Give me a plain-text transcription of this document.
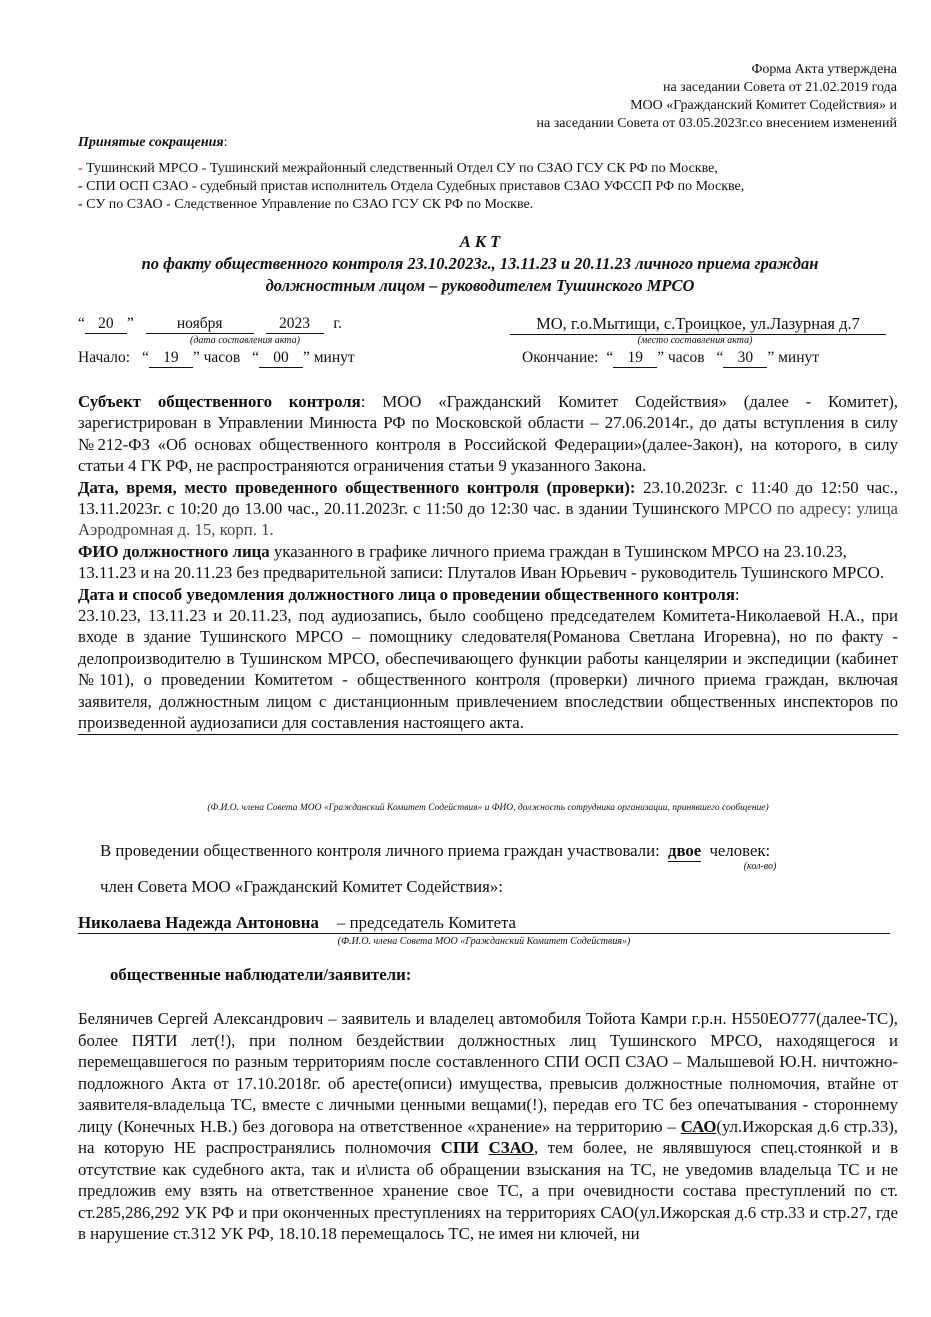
Форма Акта утверждена
на заседании Совета от 21.02.2019 года
МОО «Гражданский Комитет Содействия» и
на заседании Совета от 03.05.2023г.со внесением изменений
Принятые сокращения:
- Тушинский МРСО - Тушинский межрайонный следственный Отдел СУ по СЗАО ГСУ СК РФ по Москве,
- СПИ ОСП СЗАО - судебный пристав исполнитель Отдела Судебных приставов СЗАО УФССП РФ по Москве,
- СУ по СЗАО - Следственное Управление по СЗАО ГСУ СК РФ по Москве.
А К Т
по факту общественного контроля 23.10.2023г., 13.11.23 и 20.11.23 личного приема граждан
должностным лицом – руководителем Тушинского МРСО
“ 20 ”	ноября	2023 г.
(дата составления акта)
МО, г.о.Мытищи, с.Троицкое, ул.Лазурная д.7
(место составления акта)
Начало: “ 19 ” часов “ 00 ” минут	Окончание: “ 19 ” часов “ 30 ” минут
Субъект общественного контроля: МОО «Гражданский Комитет Содействия» (далее - Комитет), зарегистрирован в Управлении Минюста РФ по Московской области – 27.06.2014г., до даты вступления в силу №212-ФЗ «Об основах общественного контроля в Российской Федерации»(далее-Закон), на которого, в силу статьи 4 ГК РФ, не распространяются ограничения статьи 9 указанного Закона.
Дата, время, место проведенного общественного контроля (проверки): 23.10.2023г. с 11:40 до 12:50 час., 13.11.2023г. с 10:20 до 13.00 час., 20.11.2023г. с 11:50 до 12:30 час. в здании Тушинского МРСО по адресу: улица Аэродромная д. 15, корп. 1.
ФИО должностного лица указанного в графике личного приема граждан в Тушинском МРСО на 23.10.23, 13.11.23 и на 20.11.23 без предварительной записи: Плуталов Иван Юрьевич - руководитель Тушинского МРСО.
Дата и способ уведомления должностного лица о проведении общественного контроля:
23.10.23, 13.11.23 и 20.11.23, под аудиозапись, было сообщено председателем Комитета-Николаевой Н.А., при входе в здание Тушинского МРСО – помощнику следователя(Романова Светлана Игоревна), но по факту - делопроизводителю в Тушинском МРСО, обеспечивающего функции работы канцелярии и экспедиции (кабинет №101), о проведении Комитетом - общественного контроля (проверки) личного приема граждан, включая заявителя, должностным лицом с дистанционным привлечением впоследствии общественных инспекторов по произведенной аудиозаписи для составления настоящего акта.
(Ф.И.О. члена Совета МОО «Гражданский Комитет Содействия» и ФИО, должность сотрудника организации, принявшего сообщение)
В проведении общественного контроля личного приема граждан участвовали: двое человек:
(кол-во)
член Совета МОО «Гражданский Комитет Содействия»:
Николаева Надежда Антоновна – председатель Комитета
(Ф.И.О. члена Совета МОО «Гражданский Комитет Содействия»)
общественные наблюдатели/заявители:
Беляничев Сергей Александрович – заявитель и владелец автомобиля Тойота Камри г.р.н. Н550ЕО777(далее-ТС), более ПЯТИ лет(!), при полном бездействии должностных лиц Тушинского МРСО, находящегося и перемещавшегося по разным территориям после составленного СПИ ОСП СЗАО – Малышевой Ю.Н. ничтожно-подложного Акта от 17.10.2018г. об аресте(описи) имущества, превысив должностные полномочия, втайне от заявителя-владельца ТС, вместе с личными ценными вещами(!), передав его ТС без опечатывания - стороннему лицу (Конечных Н.В.) без договора на ответственное «хранение» на территорию – САО(ул.Ижорская д.6 стр.33), на которую НЕ распространялись полномочия СПИ СЗАО, тем более, не являвшуюся спец.стоянкой и в отсутствие как судебного акта, так и и\листа об обращении взыскания на ТС, не уведомив владельца ТС и не предложив ему взять на ответственное хранение свое ТС, а при очевидности состава преступлений по ст. ст.285,286,292 УК РФ и при оконченных преступлениях на территориях САО(ул.Ижорская д.6 стр.33 и стр.27, где в нарушение ст.312 УК РФ, 18.10.18 перемещалось ТС, не имея ни ключей, ни
